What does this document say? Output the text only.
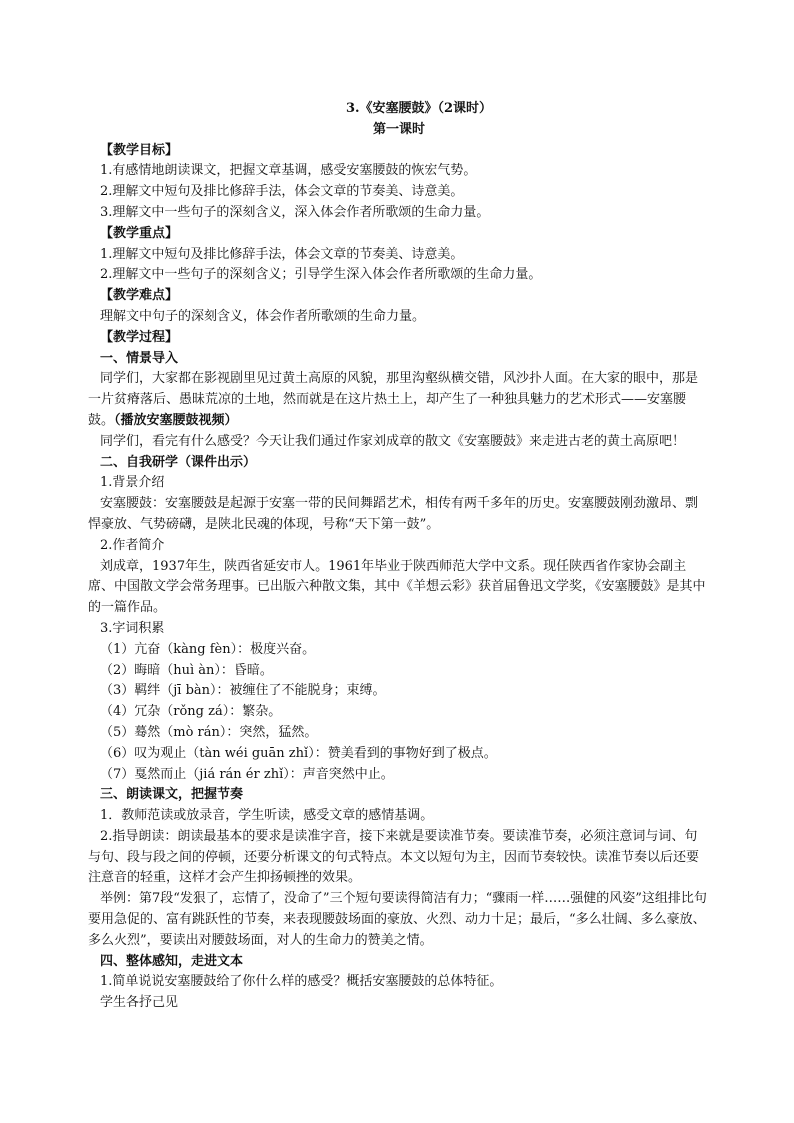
3.《安塞腰鼓》（2课时）

第一课时

【教学目标】

1.有感情地朗读课文，把握文章基调，感受安塞腰鼓的恢宏气势。

2.理解文中短句及排比修辞手法，体会文章的节奏美、诗意美。

3.理解文中一些句子的深刻含义，深入体会作者所歌颂的生命力量。

【教学重点】

1.理解文中短句及排比修辞手法，体会文章的节奏美、诗意美。

2.理解文中一些句子的深刻含义；引导学生深入体会作者所歌颂的生命力量。

【教学难点】

理解文中句子的深刻含义，体会作者所歌颂的生命力量。

【教学过程】

一、情景导入

同学们，大家都在影视剧里见过黄土高原的风貌，那里沟壑纵横交错，风沙扑人面。在大家的眼中，那是一片贫瘠落后、愚昧荒凉的土地，然而就是在这片热土上，却产生了一种独具魅力的艺术形式——安塞腰鼓。（播放安塞腰鼓视频）

同学们，看完有什么感受？今天让我们通过作家刘成章的散文《安塞腰鼓》来走进古老的黄土高原吧！

二、自我研学（课件出示）

1.背景介绍

安塞腰鼓：安塞腰鼓是起源于安塞一带的民间舞蹈艺术，相传有两千多年的历史。安塞腰鼓刚劲激昂、剽悍豪放、气势磅礴，是陕北民魂的体现，号称“天下第一鼓”。

2.作者简介

刘成章，1937年生，陕西省延安市人。1961年毕业于陕西师范大学中文系。现任陕西省作家协会副主席、中国散文学会常务理事。已出版六种散文集，其中《羊想云彩》获首届鲁迅文学奖，《安塞腰鼓》是其中的一篇作品。

3.字词积累

（1）亢奋（kàng fèn）：极度兴奋。

（2）晦暗（huì àn）：昏暗。

（3）羁绊（jī bàn）：被缠住了不能脱身；束缚。

（4）冗杂（rǒng zá）：繁杂。

（5）蓦然（mò rán）：突然，猛然。

（6）叹为观止（tàn wéi guān zhǐ）：赞美看到的事物好到了极点。

（7）戛然而止（jiá rán ér zhǐ）：声音突然中止。

三、朗读课文，把握节奏

1．教师范读或放录音，学生听读，感受文章的感情基调。

2.指导朗读：朗读最基本的要求是读准字音，接下来就是要读准节奏。要读准节奏，必须注意词与词、句与句、段与段之间的停顿，还要分析课文的句式特点。本文以短句为主，因而节奏较快。读准节奏以后还要注意音的轻重，这样才会产生抑扬顿挫的效果。

举例：第7段“发狠了，忘情了，没命了”三个短句要读得简洁有力；“骤雨一样……强健的风姿”这组排比句要用急促的、富有跳跃性的节奏，来表现腰鼓场面的豪放、火烈、动力十足；最后，“多么壮阔、多么豪放、多么火烈”，要读出对腰鼓场面，对人的生命力的赞美之情。

四、整体感知，走进文本

1.简单说说安塞腰鼓给了你什么样的感受？概括安塞腰鼓的总体特征。

学生各抒己见
